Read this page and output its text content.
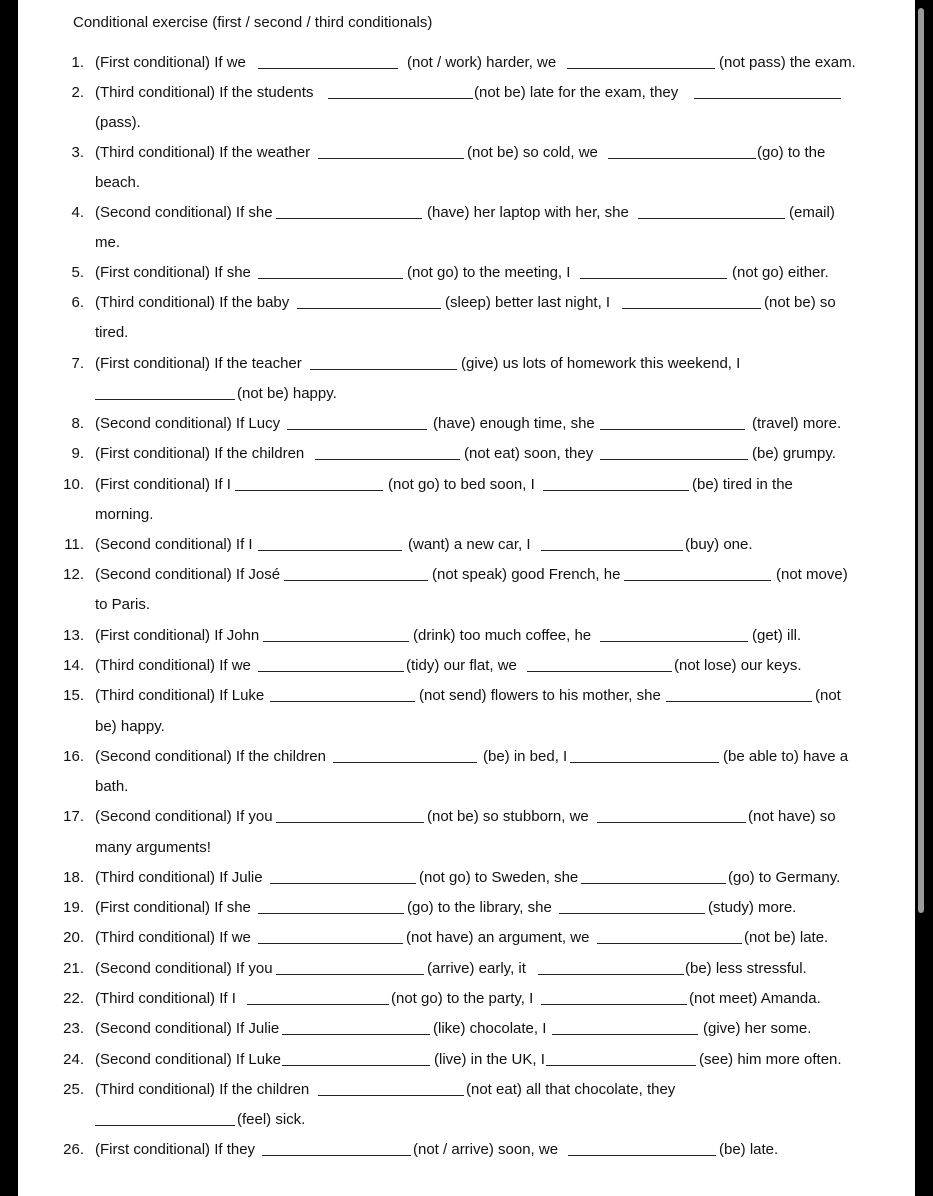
Conditional exercise (first / second / third conditionals)
1. (First conditional) If we	(not / work) harder, we	(not pass) the exam.
2. (Third conditional) If the students	(not be) late for the exam, they
(pass).
3. (Third conditional) If the weather	(not be) so cold, we	(go) to the
beach.
4. (Second conditional) If she	(have) her laptop with her, she	(email)
me.
5. (First conditional) If she	(not go) to the meeting, I	(not go) either.
6. (Third conditional) If the baby	(sleep) better last night, I	(not be) so
tired.
7. (First conditional) If the teacher	(give) us lots of homework this weekend, I
(not be) happy.
8. (Second conditional) If Lucy	(have) enough time, she	(travel) more.
9. (First conditional) If the children	(not eat) soon, they	(be) grumpy.
10. (First conditional) If I	(not go) to bed soon, I	(be) tired in the
morning.
11. (Second conditional) If I	(want) a new car, I	(buy) one.
12. (Second conditional) If José	(not speak) good French, he	(not move)
to Paris.
13. (First conditional) If John	(drink) too much coffee, he	(get) ill.
14. (Third conditional) If we	(tidy) our flat, we	(not lose) our keys.
15. (Third conditional) If Luke	(not send) flowers to his mother, she	(not
be) happy.
16. (Second conditional) If the children	(be) in bed, I	(be able to) have a
bath.
17. (Second conditional) If you	(not be) so stubborn, we	(not have) so
many arguments!
18. (Third conditional) If Julie	(not go) to Sweden, she	(go) to Germany.
19. (First conditional) If she	(go) to the library, she	(study) more.
20. (Third conditional) If we	(not have) an argument, we	(not be) late.
21. (Second conditional) If you	(arrive) early, it	(be) less stressful.
22. (Third conditional) If I	(not go) to the party, I	(not meet) Amanda.
23. (Second conditional) If Julie	(like) chocolate, I	(give) her some.
24. (Second conditional) If Luke	(live) in the UK, I	(see) him more often.
25. (Third conditional) If the children	(not eat) all that chocolate, they
(feel) sick.
26. (First conditional) If they	(not / arrive) soon, we	(be) late.
